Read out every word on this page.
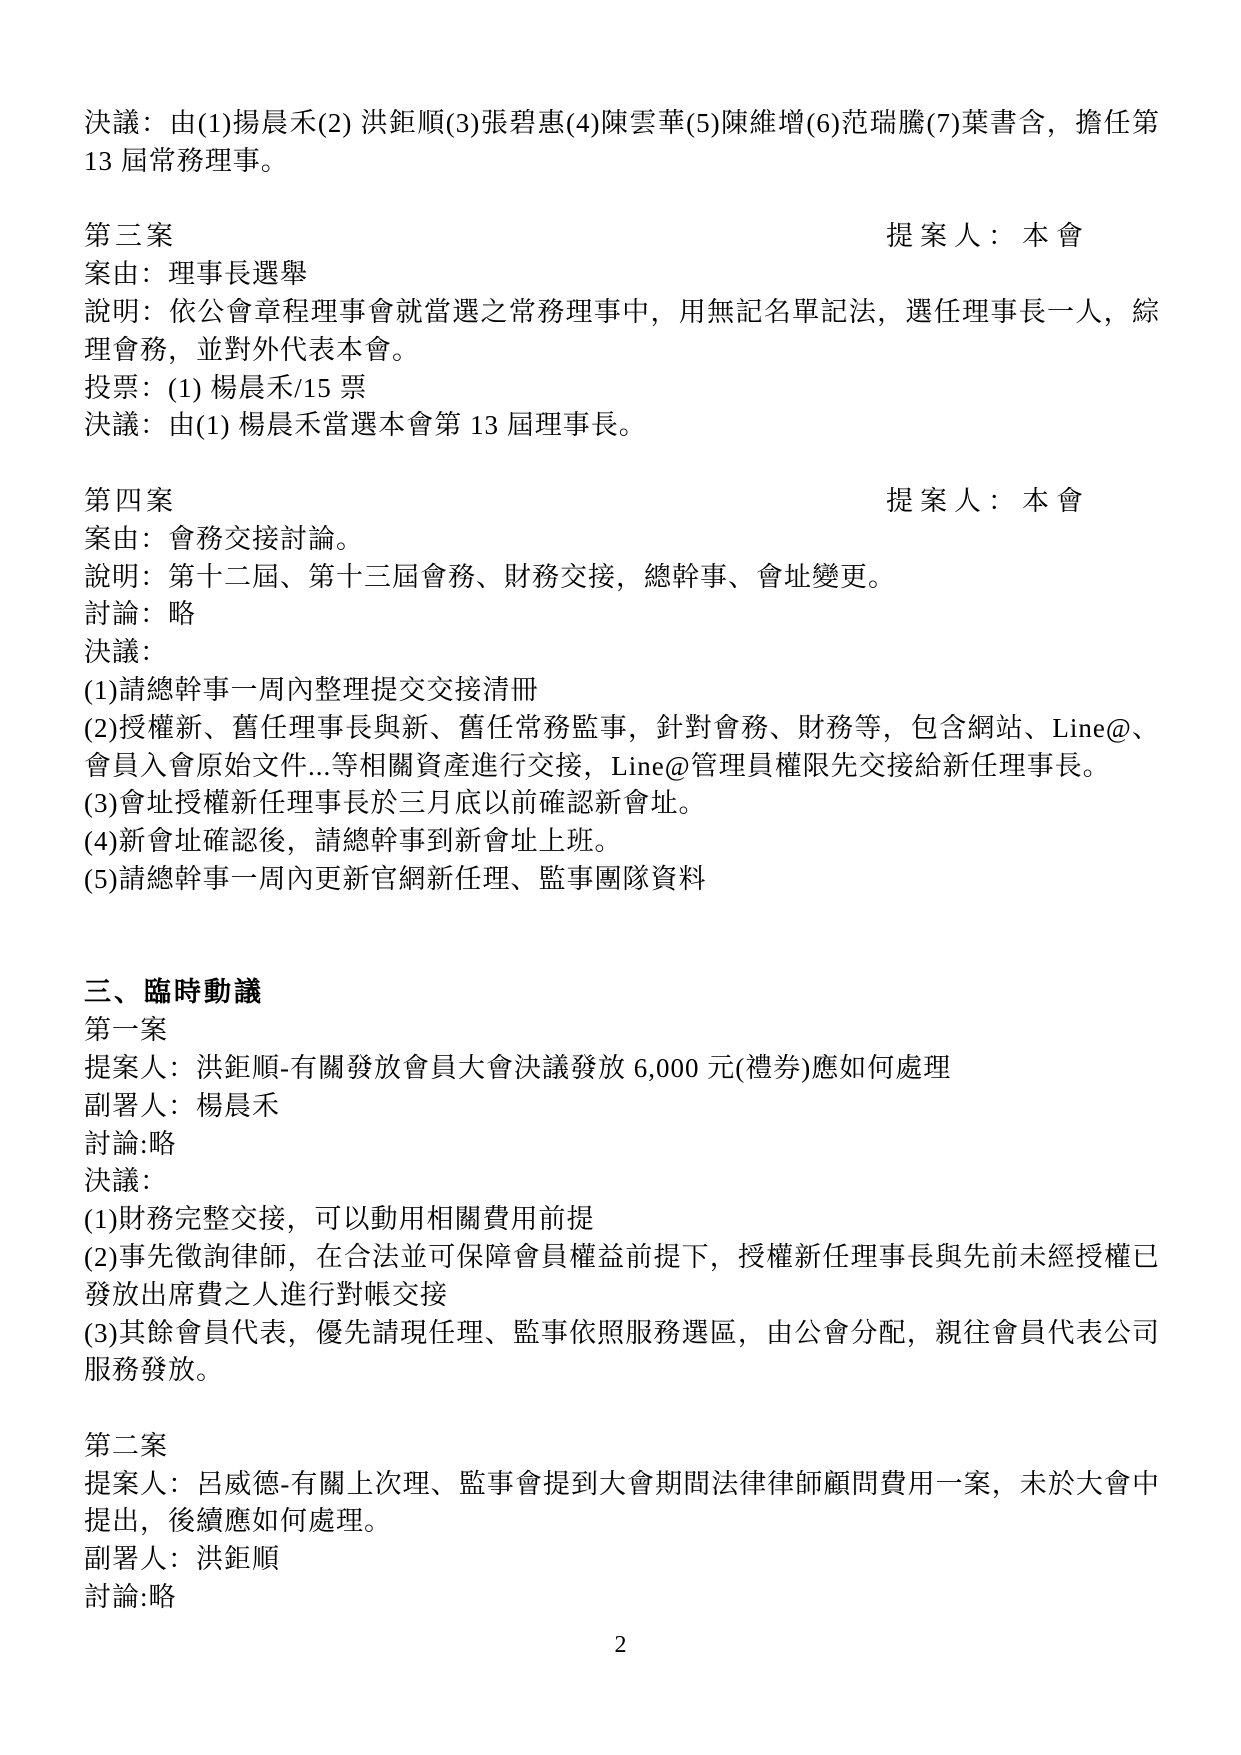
決議：由(1)揚晨禾(2) 洪鉅順(3)張碧惠(4)陳雲華(5)陳維增(6)范瑞騰(7)葉書含，擔任第 13 屆常務理事。

第三案	提案人：本會

案由：理事長選舉

說明：依公會章程理事會就當選之常務理事中，用無記名單記法，選任理事長一人，綜理會務，並對外代表本會。

投票：(1) 楊晨禾/15 票

決議：由(1) 楊晨禾當選本會第 13 屆理事長。

第四案	提案人：本會

案由：會務交接討論。

說明：第十二屆、第十三屆會務、財務交接，總幹事、會址變更。

討論：略

決議：

(1)請總幹事一周內整理提交交接清冊

(2)授權新、舊任理事長與新、舊任常務監事，針對會務、財務等，包含網站、Line@、會員入會原始文件...等相關資產進行交接，Line@管理員權限先交接給新任理事長。

(3)會址授權新任理事長於三月底以前確認新會址。

(4)新會址確認後，請總幹事到新會址上班。

(5)請總幹事一周內更新官網新任理、監事團隊資料

三、臨時動議

第一案

提案人：洪鉅順-有關發放會員大會決議發放 6,000 元(禮券)應如何處理

副署人：楊晨禾

討論:略

決議：

(1)財務完整交接，可以動用相關費用前提

(2)事先徵詢律師，在合法並可保障會員權益前提下，授權新任理事長與先前未經授權已發放出席費之人進行對帳交接

(3)其餘會員代表，優先請現任理、監事依照服務選區，由公會分配，親往會員代表公司服務發放。

第二案

提案人：呂威德-有關上次理、監事會提到大會期間法律律師顧問費用一案，未於大會中提出，後續應如何處理。

副署人：洪鉅順

討論:略

2
